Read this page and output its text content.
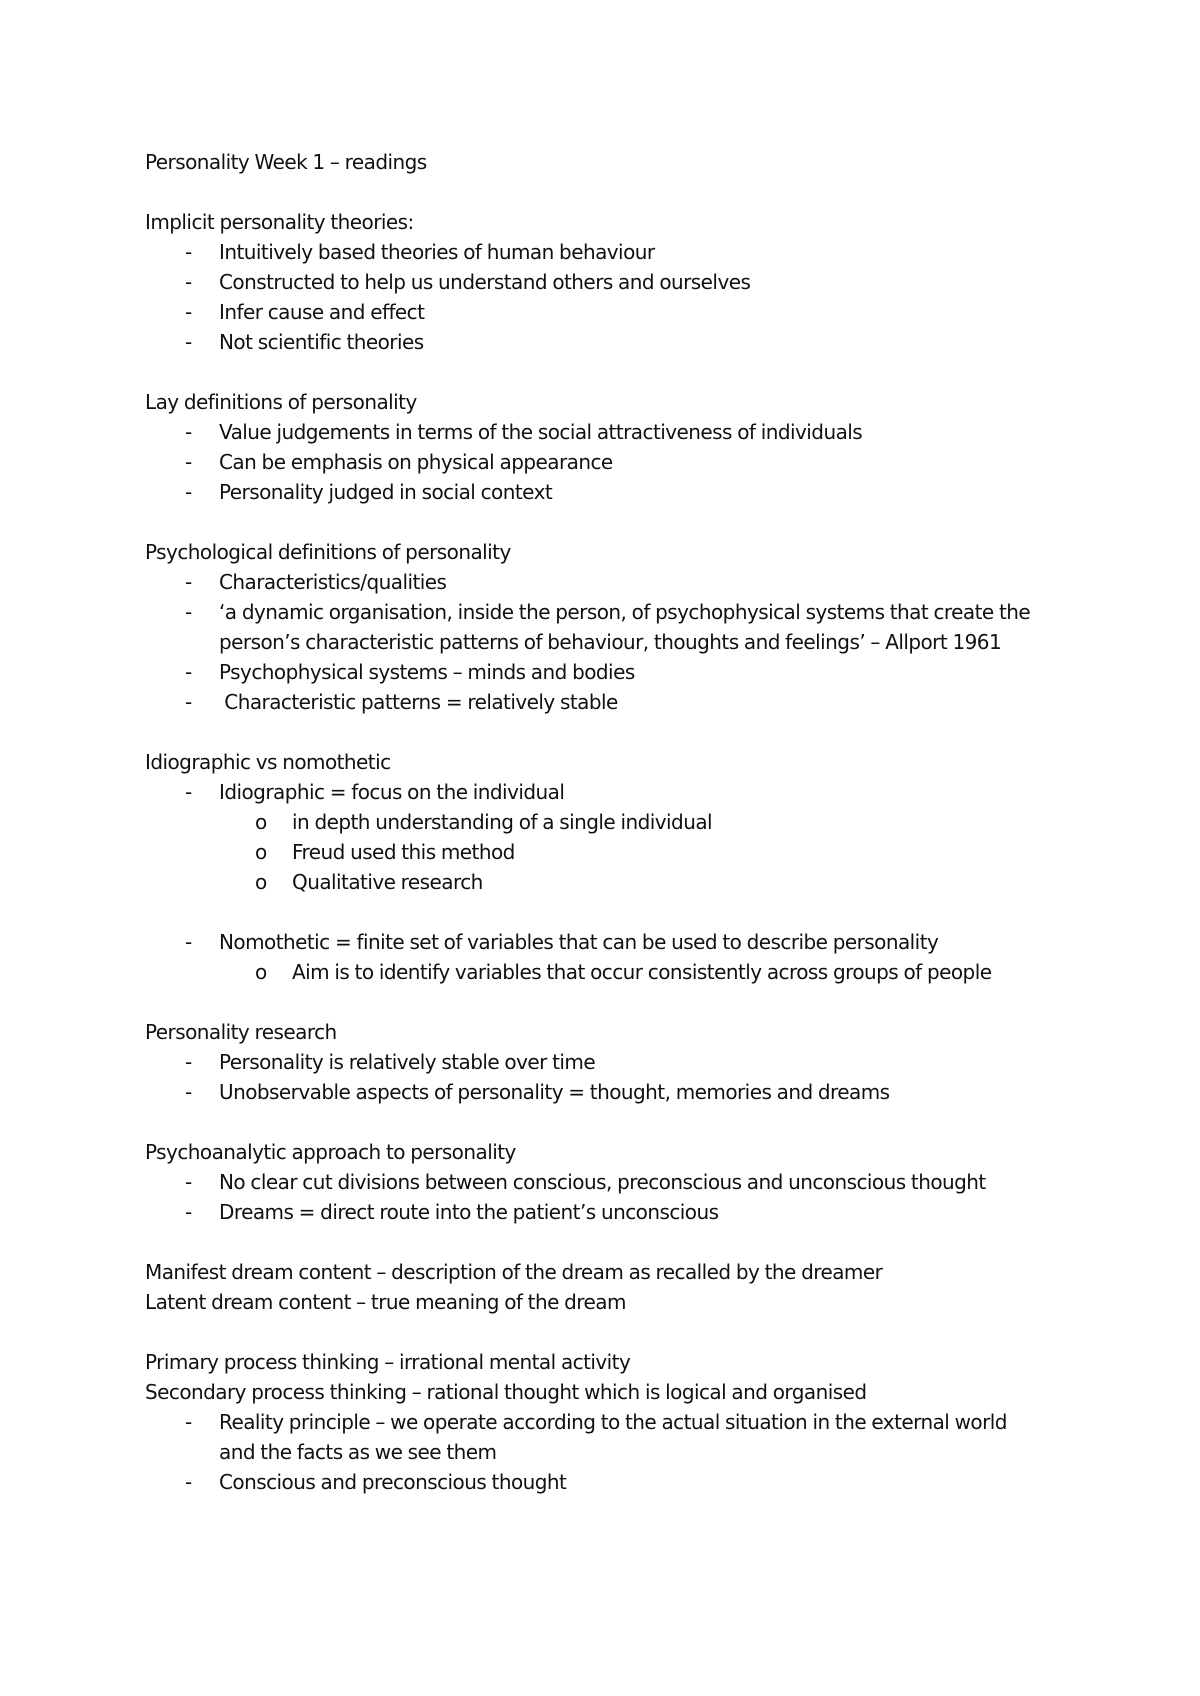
Personality Week 1 – readings
Implicit personality theories:
- Intuitively based theories of human behaviour
- Constructed to help us understand others and ourselves
- Infer cause and effect
- Not scientific theories
Lay definitions of personality
- Value judgements in terms of the social attractiveness of individuals
- Can be emphasis on physical appearance
- Personality judged in social context
Psychological definitions of personality
- Characteristics/qualities
- ‘a dynamic organisation, inside the person, of psychophysical systems that create the
person’s characteristic patterns of behaviour, thoughts and feelings’ – Allport 1961
- Psychophysical systems – minds and bodies
- Characteristic patterns = relatively stable
Idiographic vs nomothetic
- Idiographic = focus on the individual
o in depth understanding of a single individual
o Freud used this method
o Qualitative research
- Nomothetic = finite set of variables that can be used to describe personality
o Aim is to identify variables that occur consistently across groups of people
Personality research
- Personality is relatively stable over time
- Unobservable aspects of personality = thought, memories and dreams
Psychoanalytic approach to personality
- No clear cut divisions between conscious, preconscious and unconscious thought
- Dreams = direct route into the patient’s unconscious
Manifest dream content – description of the dream as recalled by the dreamer
Latent dream content – true meaning of the dream
Primary process thinking – irrational mental activity
Secondary process thinking – rational thought which is logical and organised
- Reality principle – we operate according to the actual situation in the external world
and the facts as we see them
- Conscious and preconscious thought
